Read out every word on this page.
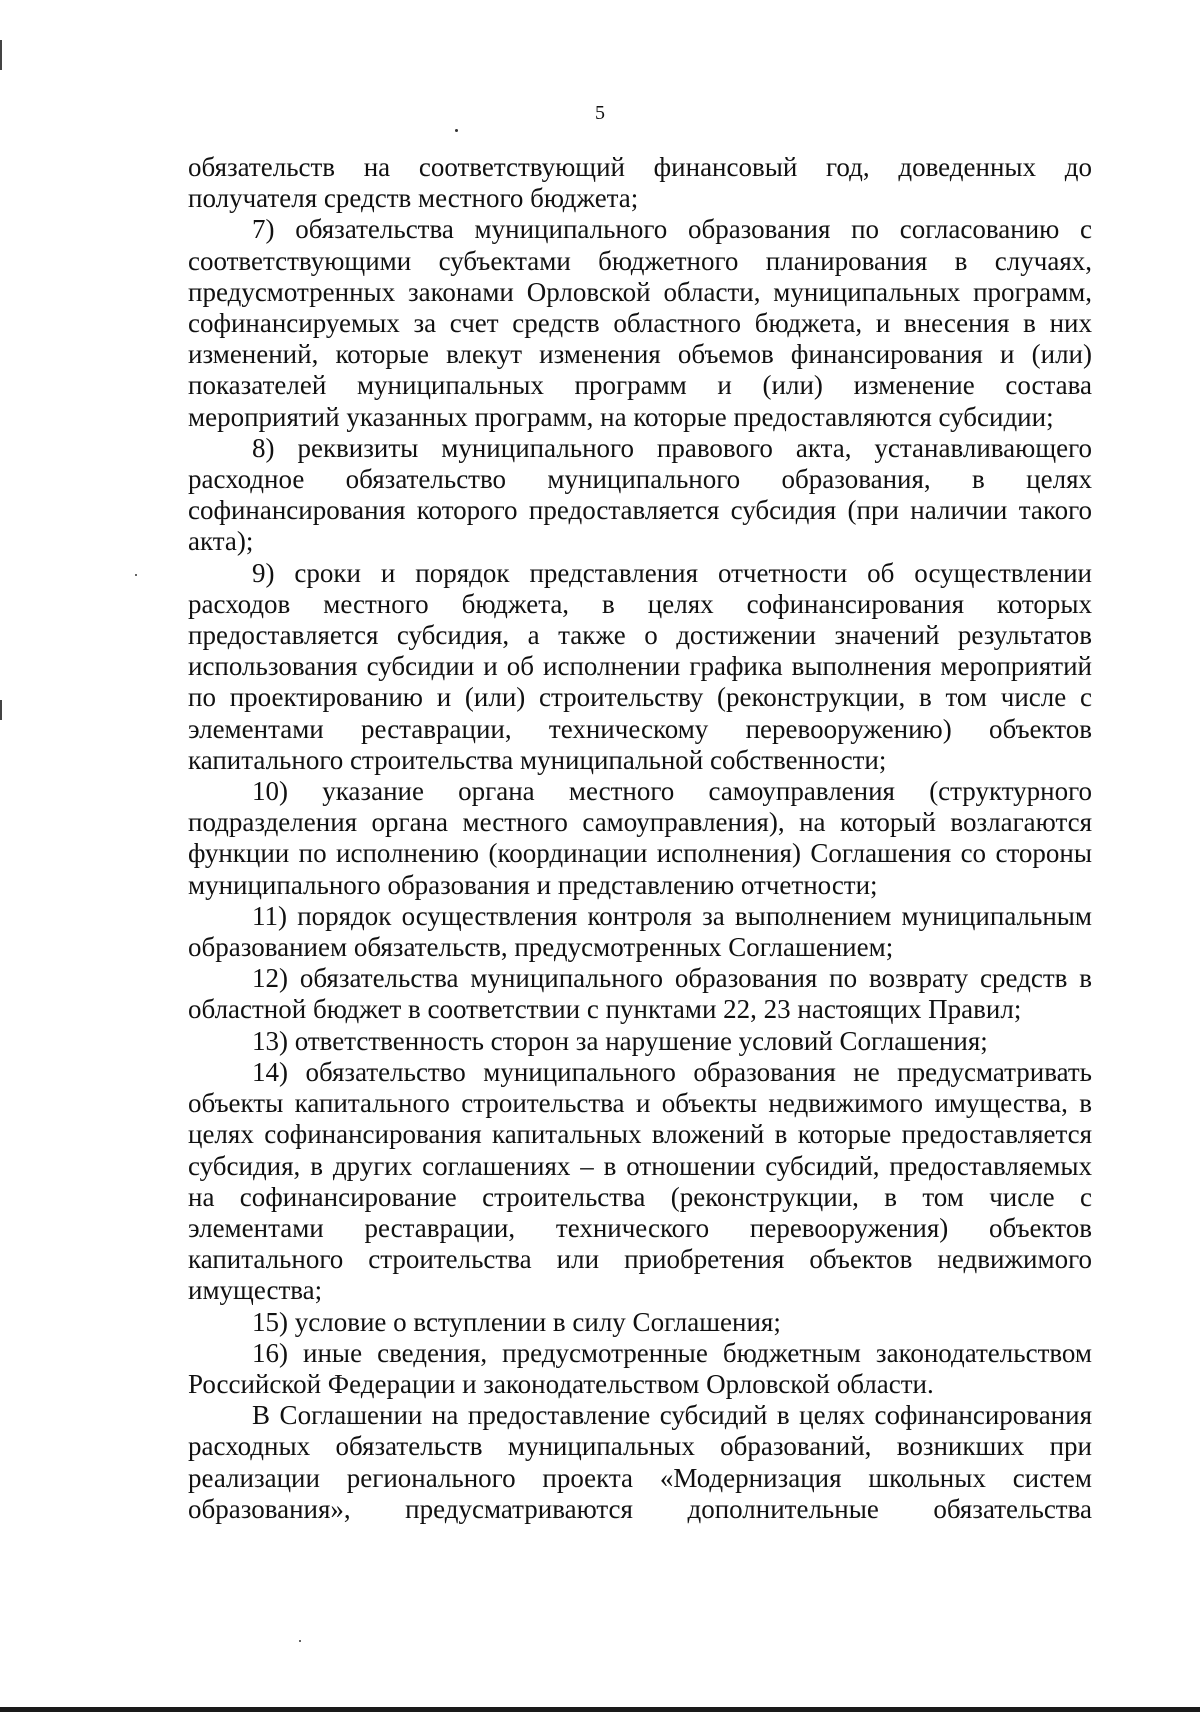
5

обязательств на соответствующий финансовый год, доведенных до получателя средств местного бюджета;

7) обязательства муниципального образования по согласованию с соответствующими субъектами бюджетного планирования в случаях, предусмотренных законами Орловской области, муниципальных программ, софинансируемых за счет средств областного бюджета, и внесения в них изменений, которые влекут изменения объемов финансирования и (или) показателей муниципальных программ и (или) изменение состава мероприятий указанных программ, на которые предоставляются субсидии;

8) реквизиты муниципального правового акта, устанавливающего расходное обязательство муниципального образования, в целях софинансирования которого предоставляется субсидия (при наличии такого акта);

9) сроки и порядок представления отчетности об осуществлении расходов местного бюджета, в целях софинансирования которых предоставляется субсидия, а также о достижении значений результатов использования субсидии и об исполнении графика выполнения мероприятий по проектированию и (или) строительству (реконструкции, в том числе с элементами реставрации, техническому перевооружению) объектов капитального строительства муниципальной собственности;

10) указание органа местного самоуправления (структурного подразделения органа местного самоуправления), на который возлагаются функции по исполнению (координации исполнения) Соглашения со стороны муниципального образования и представлению отчетности;

11) порядок осуществления контроля за выполнением муниципальным образованием обязательств, предусмотренных Соглашением;

12) обязательства муниципального образования по возврату средств в областной бюджет в соответствии с пунктами 22, 23 настоящих Правил;

13) ответственность сторон за нарушение условий Соглашения;

14) обязательство муниципального образования не предусматривать объекты капитального строительства и объекты недвижимого имущества, в целях софинансирования капитальных вложений в которые предоставляется субсидия, в других соглашениях – в отношении субсидий, предоставляемых на софинансирование строительства (реконструкции, в том числе с элементами реставрации, технического перевооружения) объектов капитального строительства или приобретения объектов недвижимого имущества;

15) условие о вступлении в силу Соглашения;

16) иные сведения, предусмотренные бюджетным законодательством Российской Федерации и законодательством Орловской области.

В Соглашении на предоставление субсидий в целях софинансирования расходных обязательств муниципальных образований, возникших при реализации регионального проекта «Модернизация школьных систем образования», предусматриваются дополнительные обязательства
